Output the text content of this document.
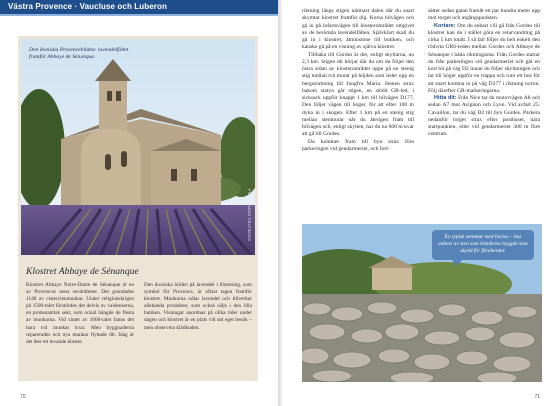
Västra Provence · Vaucluse och Luberon
Den ikoniska Provencebilden: lavendelfältet framför Abbaye de Sénanque.
FOTO: HANS FÄLTSKÖG
Klostret Abbaye de Sénanque
Klostret Abbaye Notre-Dame de Sénanque är en av Provences mest sevärdheter. Det grundades 1148 av cistercienmunkar. Under religionskrigen på 1500-talet förstördes det delvis av valdenserna, en protestantisk sekt, som också hängde de flesta av munkarna. Vid slutet av 1600-talet fanns det bara två munkar kvar. Men byggnaderna reparerades och nya munkar flyttade dit. Idag är det åter ett levande kloster.
Den ikoniska bilden på lavendel i blomning, som symbol för Provence, är oftast tagen framför klostret. Munkarna odlar lavendel och tillverkar allehanda produkter, som också säljs i den lilla butiken. Visningar anordnas på olika tider under dagen och klostret är en plats vid sitt eget besök – men observera klädkoden.
70

riktning längs stigen närmast dalen där du snart skymtar klostret framför dig. Korsa bilvägen och gå in på infartsvägen till klosterområdet omgivet av de berömda lavendelfälten. Självklart skall du gå in i klostret, åtminstone till butiken, och kanske gå på en visning av själva klostret.

Tillbaka till Gordes är det, enligt skyltarna, nu 2,3 km. Stigen dit börjar där du om du följer den östra sidan av klosterområdet uppe på en stenig stig mellan två murar på höjden som leder upp en bergssluttning till Jungfru Maria. Stenen strax bakom statyn går stigen, en stödd GR-led, i sicksack uppför knappt 1 km till bilvägen D177. Den följer vägen till höger, för att efter 100 m dyka in i skogen. Efter 1 km på en stenig stig mellan stenmurar når du återigen fram till bilvägen och, enligt skylten, har du nu 600 m kvar att gå till Gordes.

Du kommer fram till byn strax före parkeringen vid gendarmeriet, och fort-

sätter sedan gatan framåt ett par hundra meter upp mot torget och utgångspunkten.

Kortare: Om du enbart vill gå från Gordes till klostret kan du i stället göra en returvandring på cirka 5 km totalt. I så fall följer du helt enkelt den rödvita GR6-leden mellan Gordes och Abbaye de Sénanque i båda riktningarna. Från Gordes startar du från parkeringen vid gendarmeriet och går en kort bit på väg D2 innan du följer skyltningen och tar till höger uppför en trappa och runt ett hus för att snart komma in på väg D177 i riktning norrut. Följ därefter GR-markeringarna.

Hitta dit: Från Nice tar du motorvägen A8 och sedan A7 mot Avignon och Lyon. Vid avfart 25. Cavaillon, tar du väg D2 till byn Gordes. Parkera nedanför torget strax efter posthuset, nära startpunkten, eller vid gendarmeriet 300 m före centrum.

En typisk stenmur med bories – hus enbart av sten som bönderna byggde som skydd för fåraherdar.
71
